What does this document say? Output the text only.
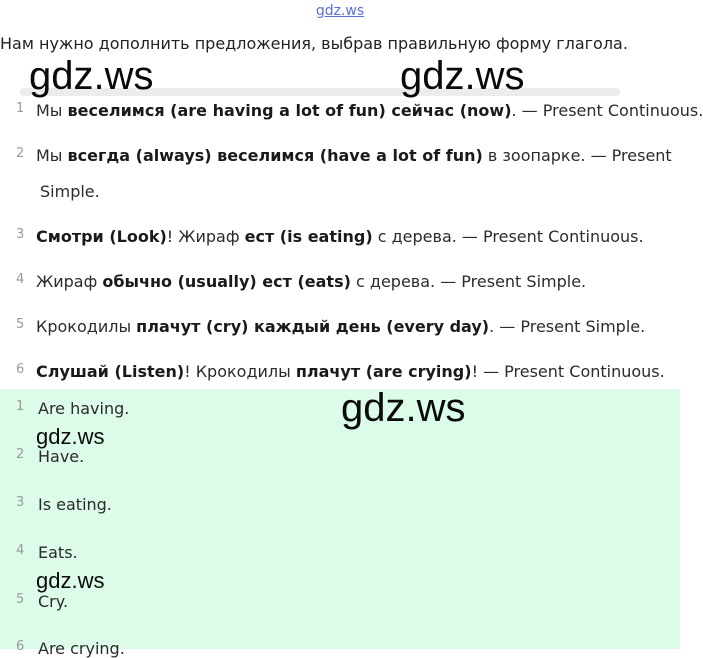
gdz.ws
Нам нужно дополнить предложения, выбрав правильную форму глагола.
1 Мы веселимся (are having a lot of fun) сейчас (now). — Present Continuous.
2 Мы всегда (always) веселимся (have a lot of fun) в зоопарке. — Present
Simple.
3 Смотри (Look)! Жираф ест (is eating) с дерева. — Present Continuous.
4 Жираф обычно (usually) ест (eats) с дерева. — Present Simple.
5 Крокодилы плачут (cry) каждый день (every day). — Present Simple.
6 Слушай (Listen)! Крокодилы плачут (are crying)! — Present Continuous.
1 Are having.
2 Have.
3 Is eating.
4 Eats.
5 Cry.
6 Are crying.
gdz.ws	gdz.ws
gdz.ws
gdz.ws
gdz.ws
